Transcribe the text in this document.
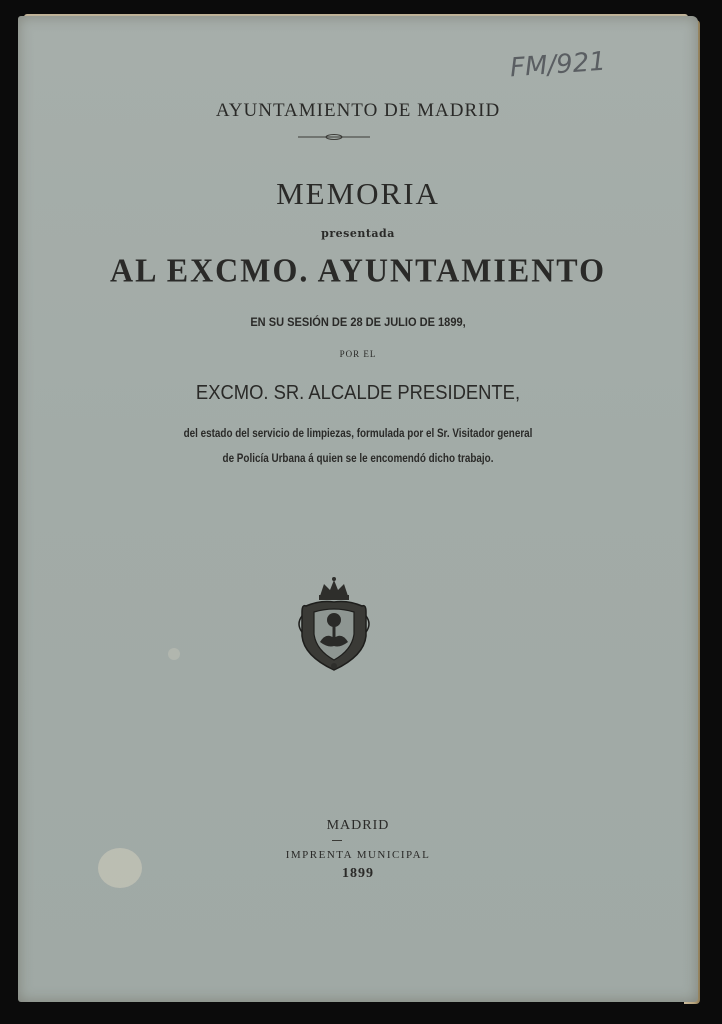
FM/921
AYUNTAMIENTO DE MADRID
MEMORIA
presentada
AL EXCMO. AYUNTAMIENTO
EN SU SESIÓN DE 28 DE JULIO DE 1899,
POR EL
EXCMO. SR. ALCALDE PRESIDENTE,
del estado del servicio de limpiezas, formulada por el Sr. Visitador general
de Policía Urbana á quien se le encomendó dicho trabajo.
MADRID
IMPRENTA MUNICIPAL
1899
